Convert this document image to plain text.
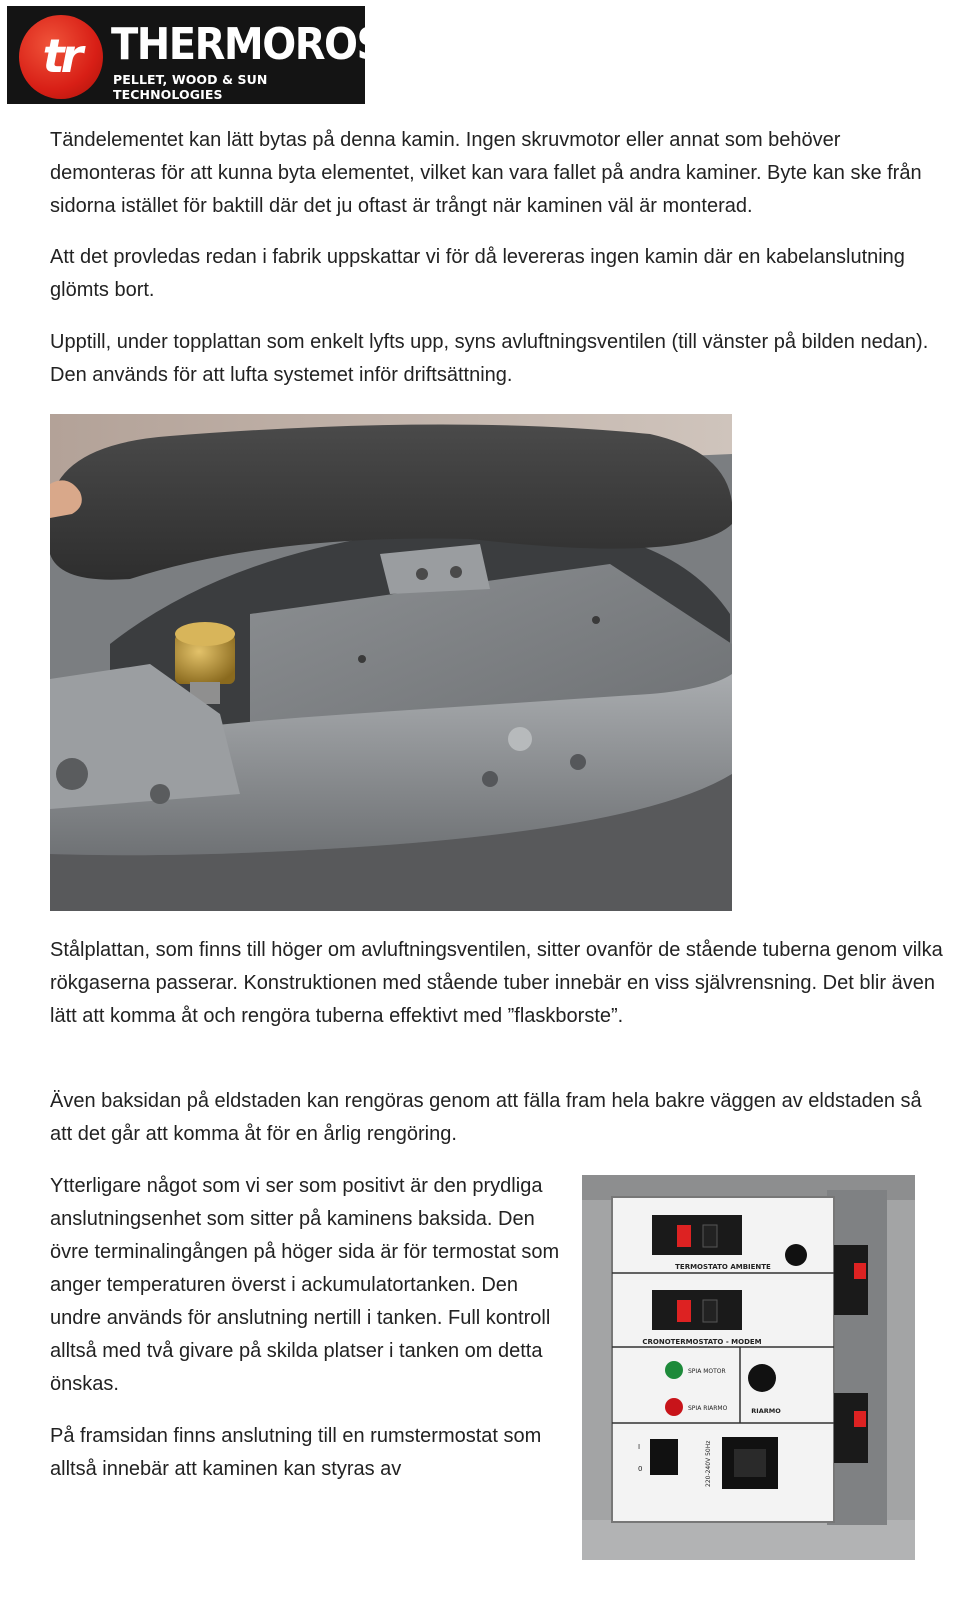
tr THERMOROSSI
PELLET, WOOD & SUN TECHNOLOGIES
Tändelementet kan lätt bytas på denna kamin. Ingen skruvmotor eller annat som behöver demonteras för att kunna byta elementet, vilket kan vara fallet på andra kaminer. Byte kan ske från sidorna istället för baktill där det ju oftast är trångt när kaminen väl är monterad.
Att det provledas redan i fabrik uppskattar vi för då levereras ingen kamin där en kabelanslutning glömts bort.
Upptill, under topplattan som enkelt lyfts upp, syns avluftningsventilen (till vänster på bilden nedan). Den används för att lufta systemet inför driftsättning.
Stålplattan, som finns till höger om avluftningsventilen, sitter ovanför de stående tuberna genom vilka rökgaserna passerar. Konstruktionen med stående tuber innebär en viss självrensning. Det blir även lätt att komma åt och rengöra tuberna effektivt med ”flaskborste”.
Även baksidan på eldstaden kan rengöras genom att fälla fram hela bakre väggen av eldstaden så att det går att komma åt för en årlig rengöring.
Ytterligare något som vi ser som positivt är den prydliga anslutningsenhet som sitter på kaminens baksida. Den övre terminalingången på höger sida är för termostat som anger temperaturen överst i ackumulatortanken. Den undre används för anslutning nertill i tanken. Full kontroll alltså med två givare på skilda platser i tanken om detta önskas.
På framsidan finns anslutning till en rumstermostat som alltså innebär att kaminen kan styras av
TERMOSTATO AMBIENTE
CRONOTERMOSTATO - MODEM
SPIA MOTOR
SPIA RIARMO	RIARMO
I
0	220-240V 50Hz
